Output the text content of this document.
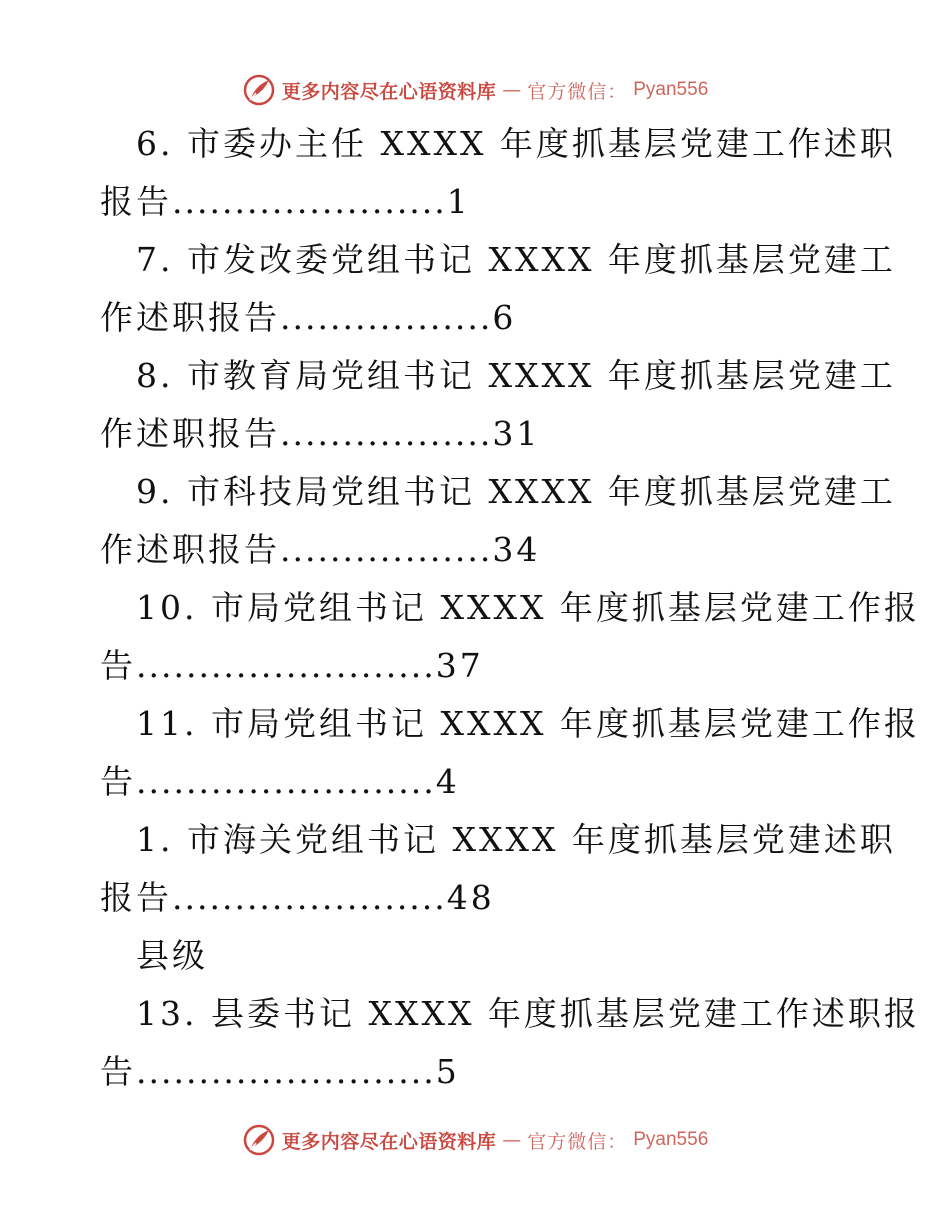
更多内容尽在心语资料库 — 官方微信： Pyan556
6. 市委办主任 XXXX 年度抓基层党建工作述职
报告......................1
7. 市发改委党组书记 XXXX 年度抓基层党建工
作述职报告.................6
8. 市教育局党组书记 XXXX 年度抓基层党建工
作述职报告.................31
9. 市科技局党组书记 XXXX 年度抓基层党建工
作述职报告.................34
10. 市局党组书记 XXXX 年度抓基层党建工作报
告........................37
11. 市局党组书记 XXXX 年度抓基层党建工作报
告........................4
1. 市海关党组书记 XXXX 年度抓基层党建述职
报告......................48
县级
13. 县委书记 XXXX 年度抓基层党建工作述职报
告........................5
更多内容尽在心语资料库 — 官方微信： Pyan556
